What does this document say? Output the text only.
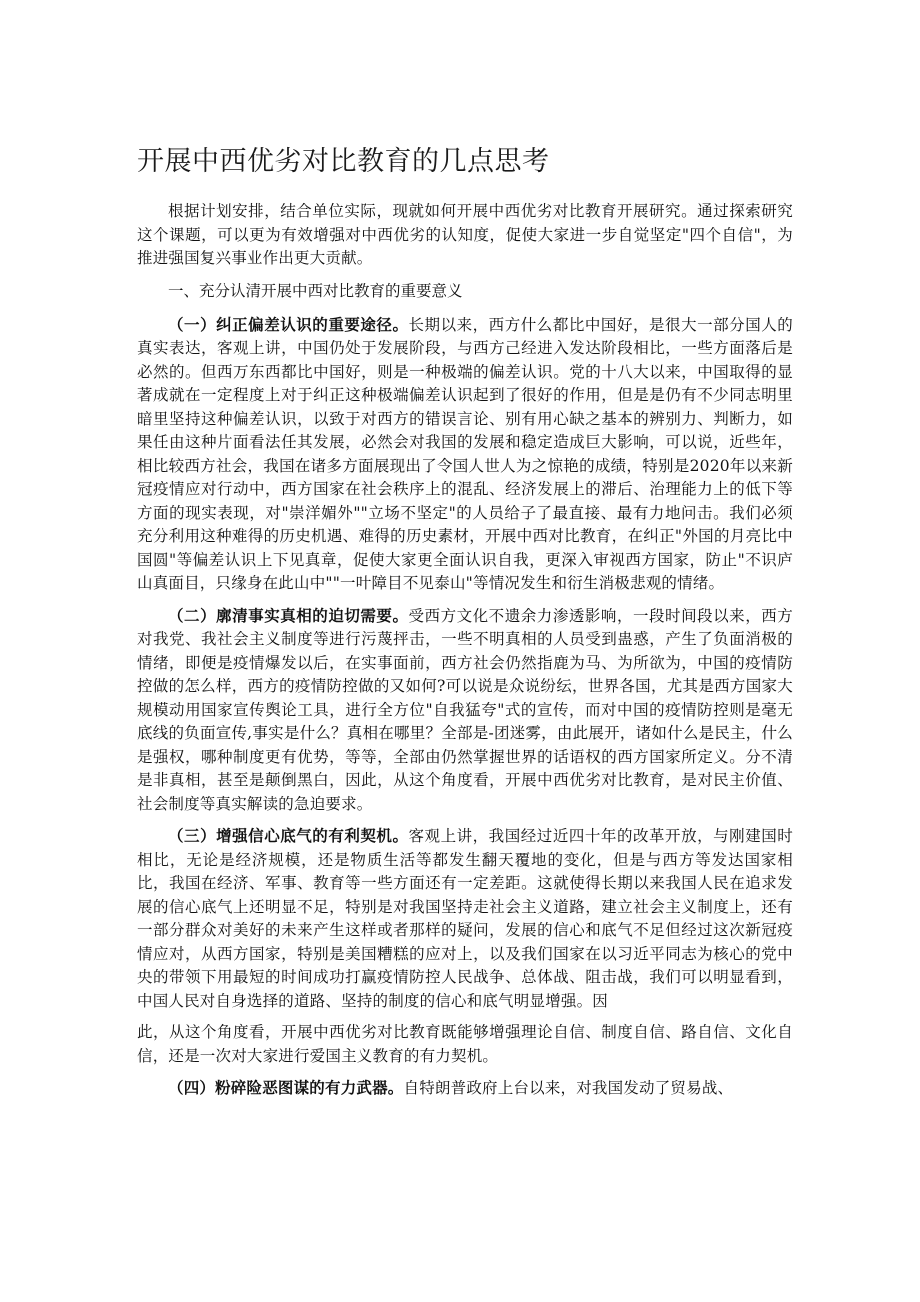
开展中西优劣对比教育的几点思考

根据计划安排，结合单位实际，现就如何开展中西优劣对比教育开展研究。通过探索研究这个课题，可以更为有效增强对中西优劣的认知度，促使大家进一步自觉坚定"四个自信"，为推进强国复兴事业作出更大贡献。

一、充分认清开展中西对比教育的重要意义

（一）纠正偏差认识的重要途径。长期以来，西方什么都比中国好，是很大一部分国人的真实表达，客观上讲，中国仍处于发展阶段，与西方己经进入发达阶段相比，一些方面落后是必然的。但西万东西都比中国好，则是一种极端的偏差认识。党的十八大以来，中国取得的显著成就在一定程度上对于纠正这种极端偏差认识起到了很好的作用，但是是仍有不少同志明里暗里坚持这种偏差认识，以致于对西方的错误言论、别有用心缺之基本的辨别力、判断力，如果任由这种片面看法任其发展，必然会对我国的发展和稳定造成巨大影响，可以说，近些年，相比较西方社会，我国在诸多方面展现出了令国人世人为之惊艳的成绩，特别是2020年以来新冠疫情应对行动中，西方国家在社会秩序上的混乱、经济发展上的滞后、治理能力上的低下等方面的现实表现，对"崇洋媚外""立场不坚定"的人员给子了最直接、最有力地问击。我们必须充分利用这种难得的历史机遇、难得的历史素材，开展中西对比教育，在纠正"外国的月亮比中国圆"等偏差认识上下见真章，促使大家更全面认识自我，更深入审视西方国家，防止"不识庐山真面目，只缘身在此山中""一叶障目不见泰山"等情况发生和衍生消极悲观的情绪。

（二）廓清事实真相的迫切需要。受西方文化不遗余力渗透影响，一段时间段以来，西方对我党、我社会主义制度等进行污蔑抨击，一些不明真相的人员受到蛊惑，产生了负面消极的情绪，即便是疫情爆发以后，在实事面前，西方社会仍然指鹿为马、为所欲为，中国的疫情防控做的怎么样，西方的疫情防控做的又如何?可以说是众说纷纭，世界各国，尤其是西方国家大规模动用国家宣传舆论工具，进行全方位"自我猛夸"式的宣传，而对中国的疫情防控则是毫无底线的负面宣传,事实是什么？真相在哪里？全部是-团迷雾，由此展开，诸如什么是民主，什么是强权，哪种制度更有优势，等等，全部由仍然掌握世界的话语权的西方国家所定义。分不清是非真相，甚至是颠倒黑白，因此，从这个角度看，开展中西优劣对比教育，是对民主价值、社会制度等真实解读的急迫要求。

（三）增强信心底气的有利契机。客观上讲，我国经过近四十年的改革开放，与刚建国时相比，无论是经济规模，还是物质生活等都发生翻天覆地的变化，但是与西方等发达国家相比，我国在经济、军事、教育等一些方面还有一定差距。这就使得长期以来我国人民在追求发展的信心底气上还明显不足，特别是对我国坚持走社会主义道路，建立社会主义制度上，还有一部分群众对美好的未来产生这样或者那样的疑问，发展的信心和底气不足但经过这次新冠疫情应对，从西方国家，特别是美国糟糕的应对上，以及我们国家在以习近平同志为核心的党中央的带领下用最短的时间成功打赢疫情防控人民战争、总体战、阻击战，我们可以明显看到，中国人民对自身选择的道路、坚持的制度的信心和底气明显增强。因

此，从这个角度看，开展中西优劣对比教育既能够增强理论自信、制度自信、路自信、文化自信，还是一次对大家进行爱国主义教育的有力契机。

（四）粉碎险恶图谋的有力武器。自特朗普政府上台以来，对我国发动了贸易战、
